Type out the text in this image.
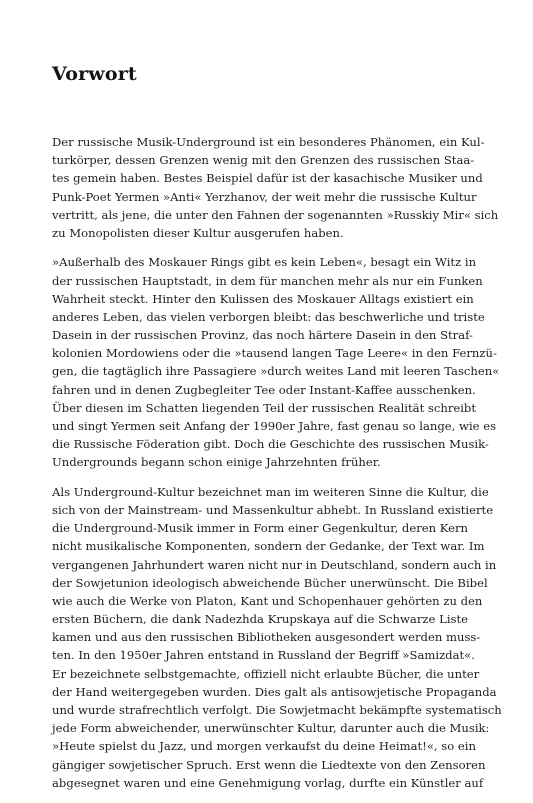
Vorwort
Der russische Musik-Underground ist ein besonderes Phänomen, ein Kul-
turkörper, dessen Grenzen wenig mit den Grenzen des russischen Staa-
tes gemein haben. Bestes Beispiel dafür ist der kasachische Musiker und
Punk-Poet Yermen »Anti« Yerzhanov, der weit mehr die russische Kultur
vertritt, als jene, die unter den Fahnen der sogenannten »Russkiy Mir« sich
zu Monopolisten dieser Kultur ausgerufen haben.
»Außerhalb des Moskauer Rings gibt es kein Leben«, besagt ein Witz in
der russischen Hauptstadt, in dem für manchen mehr als nur ein Funken
Wahrheit steckt. Hinter den Kulissen des Moskauer Alltags existiert ein
anderes Leben, das vielen verborgen bleibt: das beschwerliche und triste
Dasein in der russischen Provinz, das noch härtere Dasein in den Straf-
kolonien Mordowiens oder die »tausend langen Tage Leere« in den Fernzü-
gen, die tagtäglich ihre Passagiere »durch weites Land mit leeren Taschen«
fahren und in denen Zugbegleiter Tee oder Instant-Kaffee ausschenken.
Über diesen im Schatten liegenden Teil der russischen Realität schreibt
und singt Yermen seit Anfang der 1990er Jahre, fast genau so lange, wie es
die Russische Föderation gibt. Doch die Geschichte des russischen Musik-
Undergrounds begann schon einige Jahrzehnten früher.
Als Underground-Kultur bezeichnet man im weiteren Sinne die Kultur, die
sich von der Mainstream- und Massenkultur abhebt. In Russland existierte
die Underground-Musik immer in Form einer Gegenkultur, deren Kern
nicht musikalische Komponenten, sondern der Gedanke, der Text war. Im
vergangenen Jahrhundert waren nicht nur in Deutschland, sondern auch in
der Sowjetunion ideologisch abweichende Bücher unerwünscht. Die Bibel
wie auch die Werke von Platon, Kant und Schopenhauer gehörten zu den
ersten Büchern, die dank Nadezhda Krupskaya auf die Schwarze Liste
kamen und aus den russischen Bibliotheken ausgesondert werden muss-
ten. In den 1950er Jahren entstand in Russland der Begriff »Samizdat«.
Er bezeichnete selbstgemachte, offiziell nicht erlaubte Bücher, die unter
der Hand weitergegeben wurden. Dies galt als antisowjetische Propaganda
und wurde strafrechtlich verfolgt. Die Sowjetmacht bekämpfte systematisch
jede Form abweichender, unerwünschter Kultur, darunter auch die Musik:
»Heute spielst du Jazz, und morgen verkaufst du deine Heimat!«, so ein
gängiger sowjetischer Spruch. Erst wenn die Liedtexte von den Zensoren
abgesegnet waren und eine Genehmigung vorlag, durfte ein Künstler auf
